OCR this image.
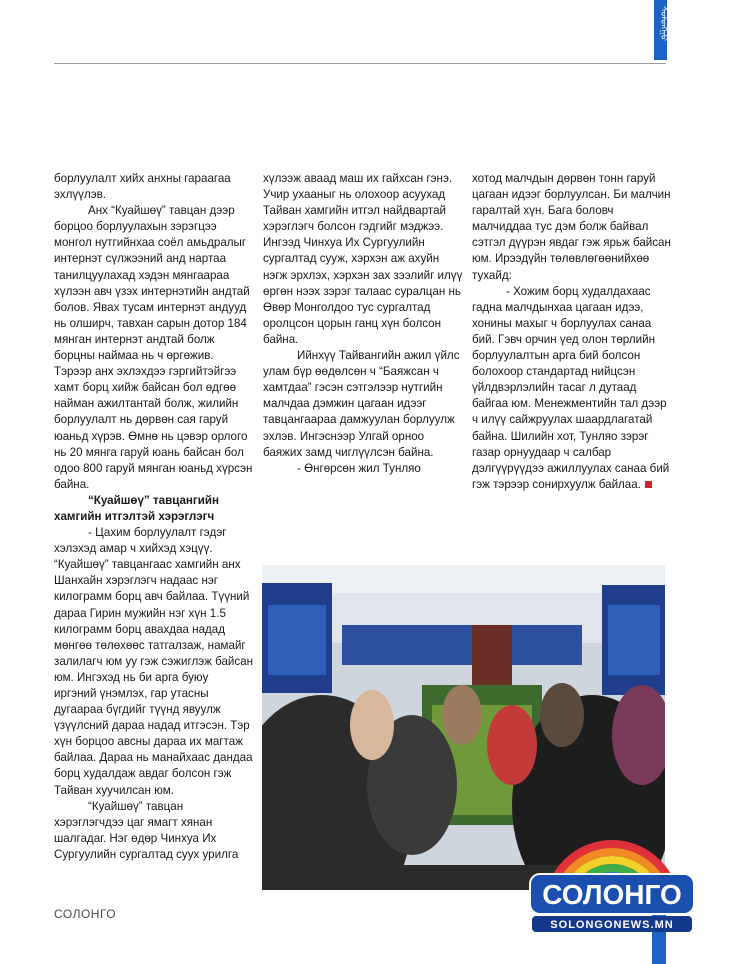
ᠰᠣᠯᠣᠩᠭ᠋ᠣ

борлуулалт хийх анхны гараагаа эхлүүлэв.

Анх “Куайшөү” тавцан дээр борцоо борлуулахын зэрэгцээ монгол нутгийнхаа соёл амьдралыг интернэт сүлжээний анд нартаа танилцуулахад хэдэн мянгаараа хүлээн авч үзэх интернэтийн андтай болов. Явах тусам интернэт андууд нь олширч, тавхан сарын дотор 184 мянган интернэт андтай болж борцны наймаа нь ч өргөжив. Тэрээр анх эхлэхдээ гэргийтэйгээ хамт борц хийж байсан бол өдгөө найман ажилтантай болж, жилийн борлуулалт нь дөрвөн сая гаруй юаньд хүрэв. Өмнө нь цэвэр орлого нь 20 мянга гаруй юань байсан бол одоо 800 гаруй мянган юаньд хүрсэн байна.

“Куайшөү” тавцангийн

хамгийн итгэлтэй хэрэглэгч

- Цахим борлуулалт гэдэг хэлэхэд амар ч хийхэд хэцүү. “Куайшөү” тавцангаас хамгийн анх Шанхайн хэрэглэгч надаас нэг килограмм борц авч байлаа. Түүний дараа Гирин мужийн нэг хүн 1.5 килограмм борц авахдаа надад мөнгөө төлөхөөс татгалзаж, намайг залилагч юм уу гэж сэжиглэж байсан юм. Ингэхэд нь би арга буюу иргэний үнэмлэх, гар утасны дугаараа бүгдийг түүнд явуулж үзүүлсний дараа надад итгэсэн. Тэр хүн борцоо авсны дараа их магтаж байлаа. Дараа нь манайхаас дандаа борц худалдаж авдаг болсон гэж Тайван хуучилсан юм.

“Куайшөү” тавцан хэрэглэгчдээ цаг ямагт хянан шалгадаг. Нэг өдөр Чинхуа Их Сургуулийн сургалтад суух урилга

хүлээж аваад маш их гайхсан гэнэ. Учир ухааныг нь олохоор асуухад Тайван хамгийн итгэл найдвартай хэрэглэгч болсон гэдгийг мэджээ. Ингээд Чинхуа Их Сургуулийн сургалтад сууж, хэрхэн аж ахуйн нэгж эрхлэх, хэрхэн зах зээлийг илүү өргөн нээх зэрэг талаас суралцан нь Өвөр Монголдоо тус сургалтад оролцсон цорын ганц хүн болсон байна.

Ийнхүү Тайвангийн ажил үйлс улам бүр өөдөлсөн ч “Баяжсан ч хамтдаа” гэсэн сэтгэлээр нутгийн малчдаа дэмжин цагаан идээг тавцангаараа дамжуулан борлуулж эхлэв. Ингэснээр Улгай орноо баяжих замд чиглүүлсэн байна.

- Өнгөрсөн жил Тунляо

хотод малчдын дөрвөн тонн гаруй цагаан идээг борлуулсан. Би малчин гаралтай хүн. Бага боловч малчиддаа тус дэм болж байвал сэтгэл дүүрэн явдаг гэж ярьж байсан юм. Ирээдүйн төлөвлөгөөнийхөө тухайд:

- Хожим борц худалдахаас гадна малчдынхаа цагаан идээ, хонины махыг ч борлуулах санаа бий. Гэвч орчин үед олон төрлийн борлуулалтын арга бий болсон болохоор стандартад нийцсэн үйлдвэрлэлийн тасаг л дутаад байгаа юм. Менежментийн тал дээр ч илүү сайжруулах шаардлагатай байна. Шилийн хот, Тунляо зэрэг газар орнуудаар ч салбар дэлгүүрүүдээ ажиллуулах санаа бий гэж тэрээр сонирхуулж байлаа.

СОЛОНГО
СОЛОНГО
SOLONGONEWS.MN
